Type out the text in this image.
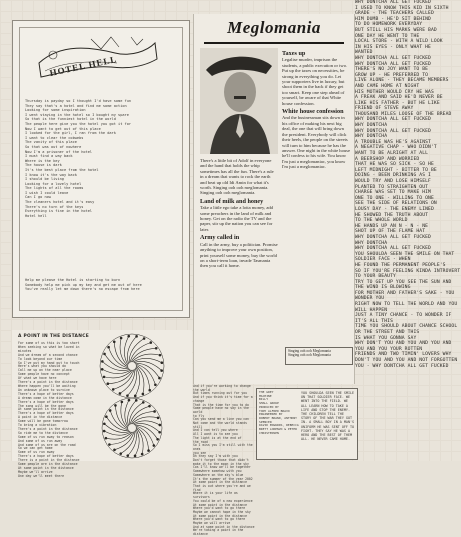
HOTEL HELL
Thursday is payday so I thought I'd have some fun
They say that's a hotel and find me some action
Looking for some inspiration
I went staying in the hotel so I bought my spare
So that is the funniest hotel in the world
The people here give you the hotel you got it for
Now I want to get out of this place
I looked for the girl, I ran from the dark
I want to clear the cobwebs
The vanity of this place
So that was out of nowhere
Now I'm a prisoner of the hotel
I must find a way back
Where is the key
The house is dark
It's the best place from the hotel
I know it's the way back
I should be living
Looking for a lovely hotel
The lights of all the rooms
I wish I could leave
Can I go now
The cleaners hotel and it's easy
There's no turn of the keys
Everything is fine in the hotel
Hotel hell
Help me please the Hotel is starting to burn
Somebody help me pick up my key and get me out of here
You've really let me down there's no escape from here
Meglomania
There's a little bit of Adolf in everyone and the hand that holds the whip sometimes has all the fun. There's a rule in a dream that wants to rock the earth and beat up old Idi Amin for what it's worth. Singing ooh ooh meglomania. Singing ooh ooh meglomania.
Land of milk and honey
Take a little ego take a lotta money, add some preachers in the land of milk and honey. Get on the radio the TV and the paper, stir up the nation you can see for later.
Army called in
Call in the army, buy a politician. Promise anything to improve your own position, print yourself some money, buy the world on a short-term loan, invade Tasmania then you call it home.
Taxes up
Legalise murder, imprison the students, a public execution or two. Put up the taxes on necessities, be strong in everything you do. Let your supporters live in luxury, but shoot them in the back if they get too smart. Keep one step ahead of yourself, be aware of that White house confession.
White house confession
And the businessman sits down in his office of making his next big deal, the one that will bring down the president. Everybody will click their heels, the people on the streets will turn to him because he has the answer. One night in the white house he'll confess to his wife. You know I'm just a meglomaniac, you know I'm just a meglomaniac.
Singing ooh ooh Meglomania
Singing ooh ooh Meglomania
WHY DONTCHA ALL GET FUCKED
I USED TO KNOW THIS KID IN SIXTH
GRADE - THE TEACHERS CALLED
HIM DUMB - HE'D SIT BEHIND
TO DO HOMEWORK EVERYDAY
BUT STILL HIS MARKS WERE BAD
ONE DAY HE WENT TO THE
LOCAL STORE - WITH A WILD LOOK
IN HIS EYES - ONLY WHAT HE
WANTED
WHY DONTCHA ALL GET FUCKED
WHY DONTCHA ALL GET FUCKED
THERE'S NO JOY WANT TO BE
GROW UP - HE PREFERRED TO
LIVE ALONE - THEY BECAME MEMBERS
AND CAME HOME AT NIGHT
HIS MOTHER WOULD CRY HE WAS
A FREAK AND SAID HE'D NEVER BE
LIKE HIS FATHER - BUT HE LIKE
FRIEND OF STEVE AWAY
THOUSAND MILES LOOSE OF THE BREAD
WHY DONTCHA ALL GET FUCKED
WHY DONTCHA
WHY DONTCHA ALL GET FUCKED
WHY DONTCHA
A TROUBLE WAS HE'S AGAINST
A NEGATIVE CHAP - WHO DIDN'T
WANT TO BE ALRIGHT AT ALL
A BEERSHOP AND WORRIED
THAT HE WAS SO SICK - SO HE
LEFT MIDNIGHT - BITTER TO BE
DOING - BEEN DRINKING AS I
WOULD TRY AND LOSE HIMSELF
PLANTED TO STRAIGHTEN OUT
CHARGE WAS SET TO MAKE HIM
ONE TO ONE - WILLING TO ONE
SEE THE SIDE OF RELATIONS ON
LOUSY DAY - THE ENEMY LINED
HE SHOWED THE TRUTH ABOUT
TO THE WHOLE WORLD
HE HANDS UP AN N - N - NE
SHOT UP OF THE FLAME HAT
WHY DONTCHA ALL GET FUCKED
WHY DONTCHA
WHY DONTCHA ALL GET FUCKED
YOU SHOULDA SEEN THE SMILE ON THAT SOLDIER FACE - WHEN
HE FOUND THE PERMANENT PEOPLE'S
SO IF YOU'RE FEELING KINDA INTROVERT TO YOUR BEAUTY
TRY TO GET UP YOU SEE THE SUN AND THE WIND IS BLOWING
FOR MOTHER AND FATHER'S SAKE - YOU WONDER YOU
RIGHT NOW TO TELL THE WORLD AND YOU WILL HAPPEN
JUST A TINY CHANCE - TO WONDER IF IT'S ALL THIS
TIME YOU SHOULD ABOUT CHANCE SCHOOL OR THE STREET AND THIS
IS WHAT YOU GONNA SAY
WHY DON'T YOU AND YOU AND YOU AND YOU AND YOU YOUR ROTTEN
FRIENDS AND TWO TIMIN' LOVERS WHY DON'T YOU AND YOU AND NOT FORGOTTEN
YOU - WHY DONTCHA ALL GET FUCKED
A POINT IN THE DISTANCE
For some of us this is too short
When seeking so what be loved in minutes
And we dream of a second chance
To look beyond our time
So I've put my hand out to touch
Here's what you should do
Call me up on the near place
Some people have no concept
Of what we have here
There's a point in the distance
Where happen you'll be waiting
An unknown place to survive
There's a hope of better days
A dream come in the distance
There's a hope of better days
The song will be the gone
At some point in the distance
There's a hope of better days
A point in the distance
Some will be gone tomorrow
To bring a vibration
There's a point in the distance
So ride me to the distance
Some of us run away to reason
And some of us run away
And some of us are on the road
So we can get home
Some of us run away
There's a hope of better days
There is a point in the distance
Some people are in the distance
At some point in the distance
Maybe we'll arrive
One day we'll meet there
And if you're working to change
the world
But times running out for you
And if you think it's time for a change
That is the time for you to do
Some people have no say in the world
to fly
Can you send me a line you can
Not come and the world stands still
And I can tell you where
All I want is to see you
The light is at the end of
the road
So I miss you I'm still with the ones
you see
Oh they say I'm with you
Don't forget those that didn't
make it to the moon in the sky
Cos I'll know we'll be together
Somewhere somehow with you
Somewhere on the sky's blue
It's the summer of the year 2002
At some point in the distance
That is out where you're and we find
Where it is your life as survivors
You could be of a new experience
At some point in the distance
Where you'd want to go there
Maybe we cannot hope in the sky
At some point in the distance
Where you'd want to go there
Maybe we will arrive
And at some point in the distance
We're taking a point in the distance
THE GREY
MACHINE
BILLY
SMALL GROUP
PRODUCED BY
TONY ALFRED BRAVO
ENGINEERED BY
ROBERT BRAND, ANTHONY SPENCER
DAVID EDWARDS, REBECCA
BRETT LORENZO & PETER CHRISTENSEN
YOU SHOULDA SEEN THE SMILE ON THAT SOLDIER FACE. WE WENT INTO THE FIELD. WE ALL LEARN HOW TO TAKE A LIFE AND STOP THE ENEMY. THE CHILDREN TELL THE STORY OF THE WAR THEY GOT IN. A SMALL BOY IN A MAN'S UNIFORM HE WAS SENT OFF TO FIGHT. THEY SAY HE WAS A HERO AND THE BEST OF THEM ALL. HE NEVER CAME HOME.
